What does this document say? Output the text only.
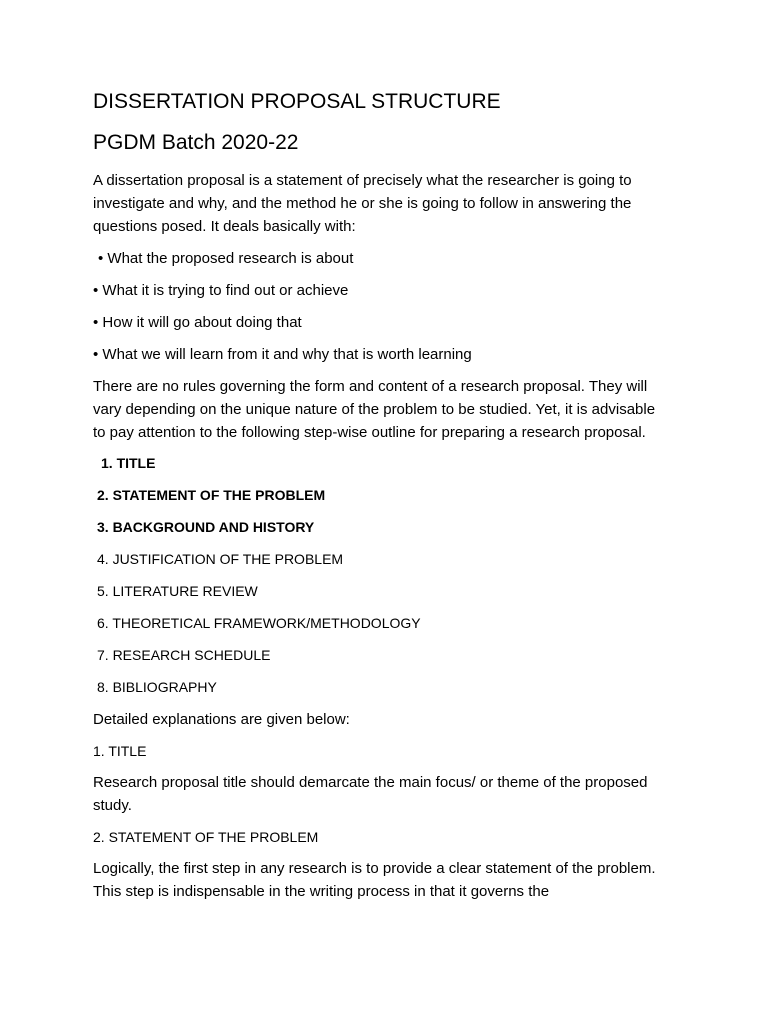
DISSERTATION PROPOSAL STRUCTURE
PGDM Batch 2020-22

A dissertation proposal is a statement of precisely what the researcher is going to investigate and why, and the method he or she is going to follow in answering the questions posed. It deals basically with:

• What the proposed research is about

• What it is trying to find out or achieve

• How it will go about doing that

• What we will learn from it and why that is worth learning

There are no rules governing the form and content of a research proposal. They will vary depending on the unique nature of the problem to be studied. Yet, it is advisable to pay attention to the following step-wise outline for preparing a research proposal.

1. TITLE

2. STATEMENT OF THE PROBLEM

3. BACKGROUND AND HISTORY

4. JUSTIFICATION OF THE PROBLEM

5. LITERATURE REVIEW

6. THEORETICAL FRAMEWORK/METHODOLOGY

7. RESEARCH SCHEDULE

8. BIBLIOGRAPHY

Detailed explanations are given below:

1. TITLE

Research proposal title should demarcate the main focus/ or theme of the proposed study.

2. STATEMENT OF THE PROBLEM

Logically, the first step in any research is to provide a clear statement of the problem. This step is indispensable in the writing process in that it governs the
